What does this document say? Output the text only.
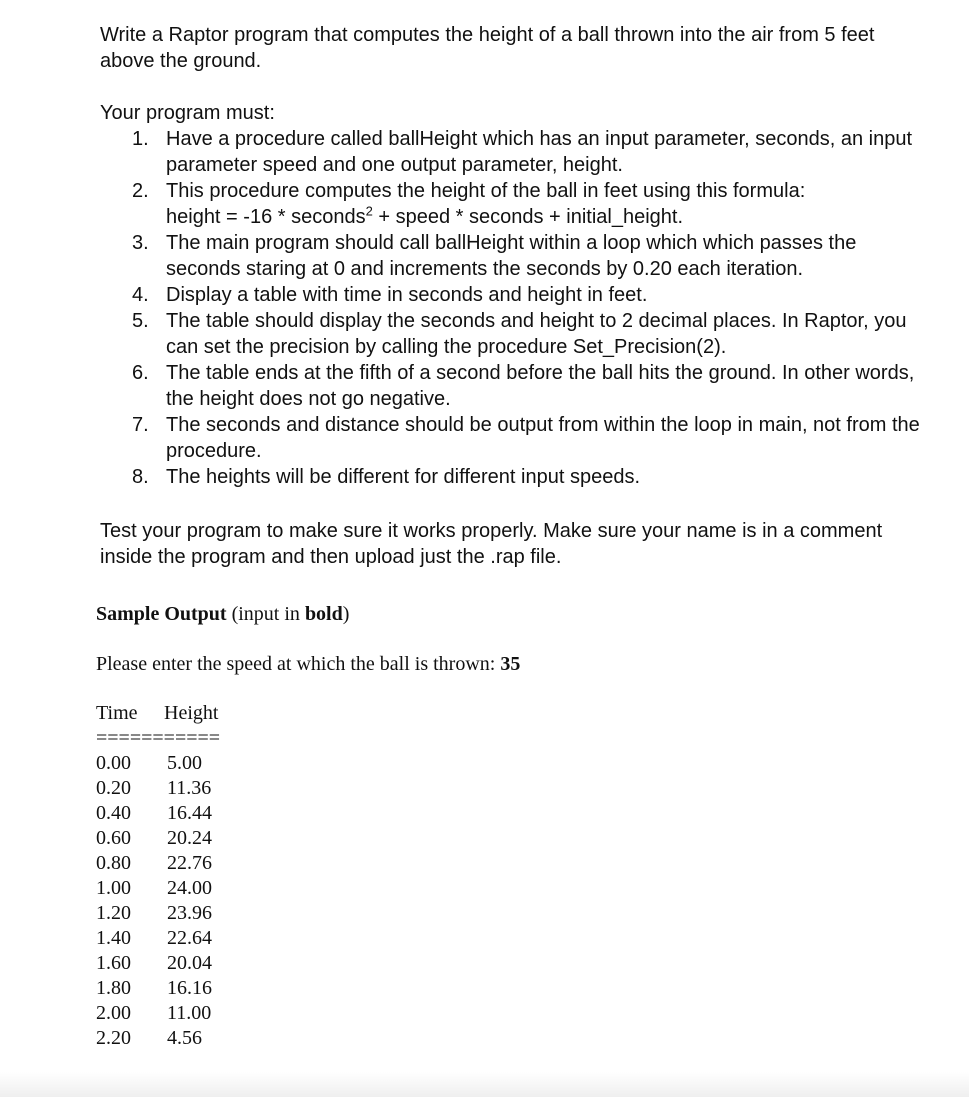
Write a Raptor program that computes the height of a ball thrown into the air from 5 feet above the ground.

Your program must:

1. Have a procedure called ballHeight which has an input parameter, seconds, an input parameter speed and one output parameter, height.
2. This procedure computes the height of the ball in feet using this formula:
height = -16 * seconds$^2$ + speed * seconds + initial_height.
3. The main program should call ballHeight within a loop which which passes the seconds staring at 0 and increments the seconds by 0.20 each iteration.
4. Display a table with time in seconds and height in feet.
5. The table should display the seconds and height to 2 decimal places. In Raptor, you can set the precision by calling the procedure Set_Precision(2).
6. The table ends at the fifth of a second before the ball hits the ground. In other words, the height does not go negative.
7. The seconds and distance should be output from within the loop in main, not from the procedure.
8. The heights will be different for different input speeds.

Test your program to make sure it works properly. Make sure your name is in a comment inside the program and then upload just the .rap file.

Sample Output (input in bold)

Please enter the speed at which the ball is thrown: 35

Time Height

===========

0.00 5.00
0.20 11.36
0.40 16.44
0.60 20.24
0.80 22.76
1.00 24.00
1.20 23.96
1.40 22.64
1.60 20.04
1.80 16.16
2.00 11.00
2.20 4.56
